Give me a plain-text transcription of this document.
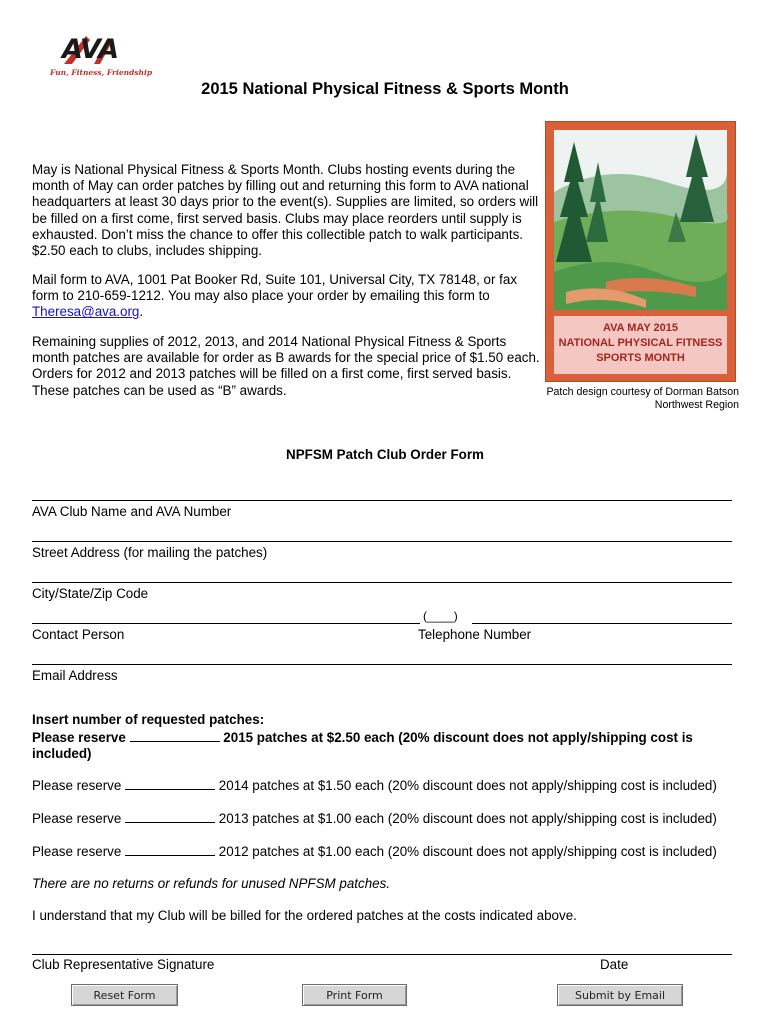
AVA
Fun, Fitness, Friendship
2015 National Physical Fitness & Sports Month
May is National Physical Fitness & Sports Month. Clubs hosting events during the month of May can order patches by filling out and returning this form to AVA national headquarters at least 30 days prior to the event(s). Supplies are limited, so orders will be filled on a first come, first served basis. Clubs may place reorders until supply is exhausted. Don’t miss the chance to offer this collectible patch to walk participants. $2.50 each to clubs, includes shipping.
Mail form to AVA, 1001 Pat Booker Rd, Suite 101, Universal City, TX 78148, or fax form to 210-659-1212. You may also place your order by emailing this form to Theresa@ava.org.
Remaining supplies of 2012, 2013, and 2014 National Physical Fitness & Sports month patches are available for order as B awards for the special price of $1.50 each. Orders for 2012 and 2013 patches will be filled on a first come, first served basis. These patches can be used as “B” awards.
AVA MAY 2015
NATIONAL PHYSICAL FITNESS
SPORTS MONTH
Patch design courtesy of Dorman Batson
Northwest Region
NPFSM Patch Club Order Form
AVA Club Name and AVA Number
Street Address (for mailing the patches)
City/State/Zip Code
(____)
Contact Person	Telephone Number
Email Address
Insert number of requested patches:
Please reserve	2015 patches at $2.50 each (20% discount does not apply/shipping cost is included)
Please reserve	2014 patches at $1.50 each (20% discount does not apply/shipping cost is included)
Please reserve	2013 patches at $1.00 each (20% discount does not apply/shipping cost is included)
Please reserve	2012 patches at $1.00 each (20% discount does not apply/shipping cost is included)
There are no returns or refunds for unused NPFSM patches.
I understand that my Club will be billed for the ordered patches at the costs indicated above.
Club Representative Signature	Date
Reset Form	Print Form	Submit by Email
